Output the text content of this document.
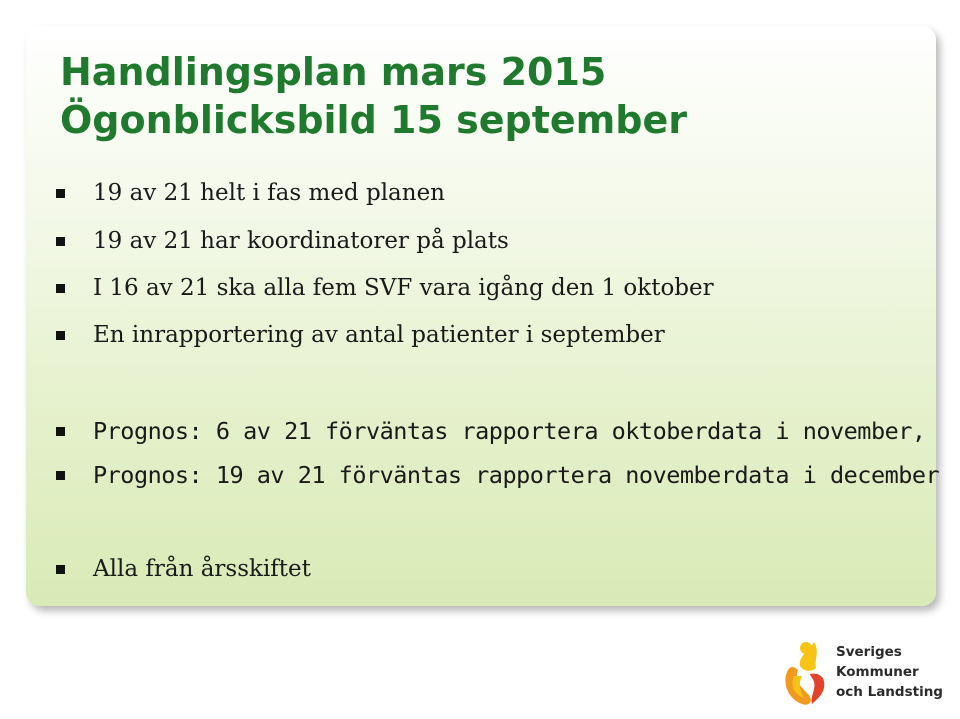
Handlingsplan mars 2015
Ögonblicksbild 15 september
19 av 21 helt i fas med planen
19 av 21 har koordinatorer på plats
I 16 av 21 ska alla fem SVF vara igång den 1 oktober
En inrapportering av antal patienter i september
Prognos: 6 av 21 förväntas rapportera oktoberdata i november,
Prognos: 19 av 21 förväntas rapportera novemberdata i december
Alla från årsskiftet
Sveriges
Kommuner
och Landsting
